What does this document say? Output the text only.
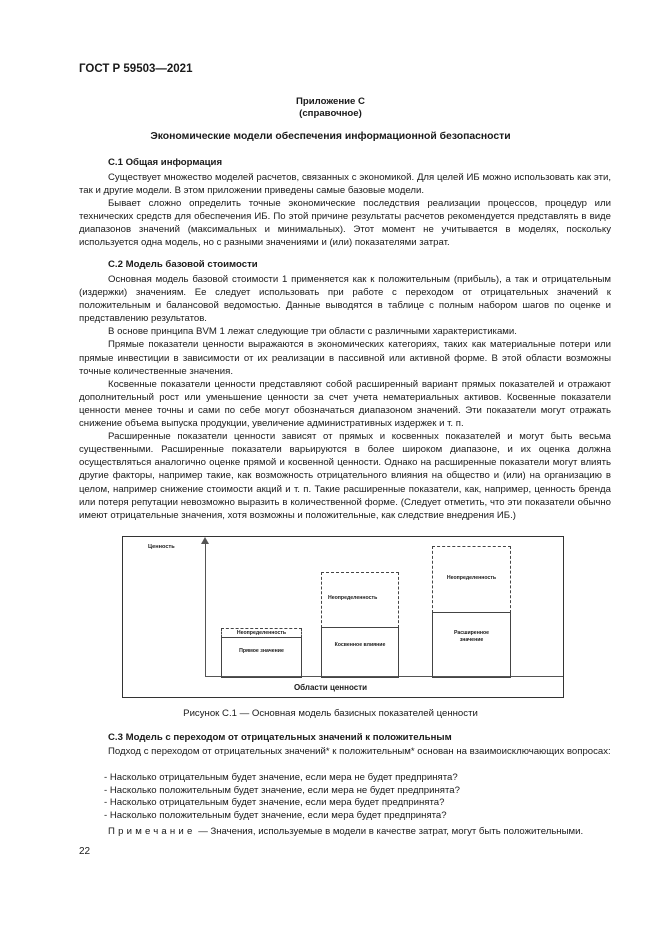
ГОСТ Р 59503—2021
Приложение С
(справочное)
Экономические модели обеспечения информационной безопасности
С.1 Общая информация

Существует множество моделей расчетов, связанных с экономикой. Для целей ИБ можно использовать как эти, так и другие модели. В этом приложении приведены самые базовые модели.

Бывает сложно определить точные экономические последствия реализации процессов, процедур или технических средств для обеспечения ИБ. По этой причине результаты расчетов рекомендуется представлять в виде диапазонов значений (максимальных и минимальных). Этот момент не учитывается в моделях, поскольку используется одна модель, но с разными значениями и (или) показателями затрат.

С.2 Модель базовой стоимости

Основная модель базовой стоимости 1 применяется как к положительным (прибыль), а так и отрицательным (издержки) значениям. Ее следует использовать при работе с переходом от отрицательных значений к положительным и балансовой ведомостью. Данные выводятся в таблице с полным набором шагов по оценке и представлению результатов.

В основе принципа BVM 1 лежат следующие три области с различными характеристиками.

Прямые показатели ценности выражаются в экономических категориях, таких как материальные потери или прямые инвестиции в зависимости от их реализации в пассивной или активной форме. В этой области возможны точные количественные значения.

Косвенные показатели ценности представляют собой расширенный вариант прямых показателей и отражают дополнительный рост или уменьшение ценности за счет учета нематериальных активов. Косвенные показатели ценности менее точны и сами по себе могут обозначаться диапазоном значений. Эти показатели могут отражать снижение объема выпуска продукции, увеличение административных издержек и т. п.

Расширенные показатели ценности зависят от прямых и косвенных показателей и могут быть весьма существенными. Расширенные показатели варьируются в более широком диапазоне, и их оценка должна осуществляться аналогично оценке прямой и косвенной ценности. Однако на расширенные показатели могут влиять другие факторы, например такие, как возможность отрицательного влияния на общество и (или) на организацию в целом, например снижение стоимости акций и т. п. Такие расширенные показатели, как, например, ценность бренда или потеря репутации невозможно выразить в количественной форме. (Следует отметить, что эти показатели обычно имеют отрицательные значения, хотя возможны и положительные, как следствие внедрения ИБ.)

Ценность
Неопределенность
Прямое значение
Неопределенность
Косвенное влияние
Неопределенность
Расширенное значение
Области ценности
Рисунок С.1 — Основная модель базисных показателей ценности
С.3 Модель с переходом от отрицательных значений к положительным

Подход с переходом от отрицательных значений* к положительным* основан на взаимоисключающих вопросах:

- Насколько отрицательным будет значение, если мера не будет предпринята?
- Насколько положительным будет значение, если мера не будет предпринята?
- Насколько отрицательным будет значение, если мера будет предпринята?
- Насколько положительным будет значение, если мера будет предпринята?
Примечание — Значения, используемые в модели в качестве затрат, могут быть положительными.
22
